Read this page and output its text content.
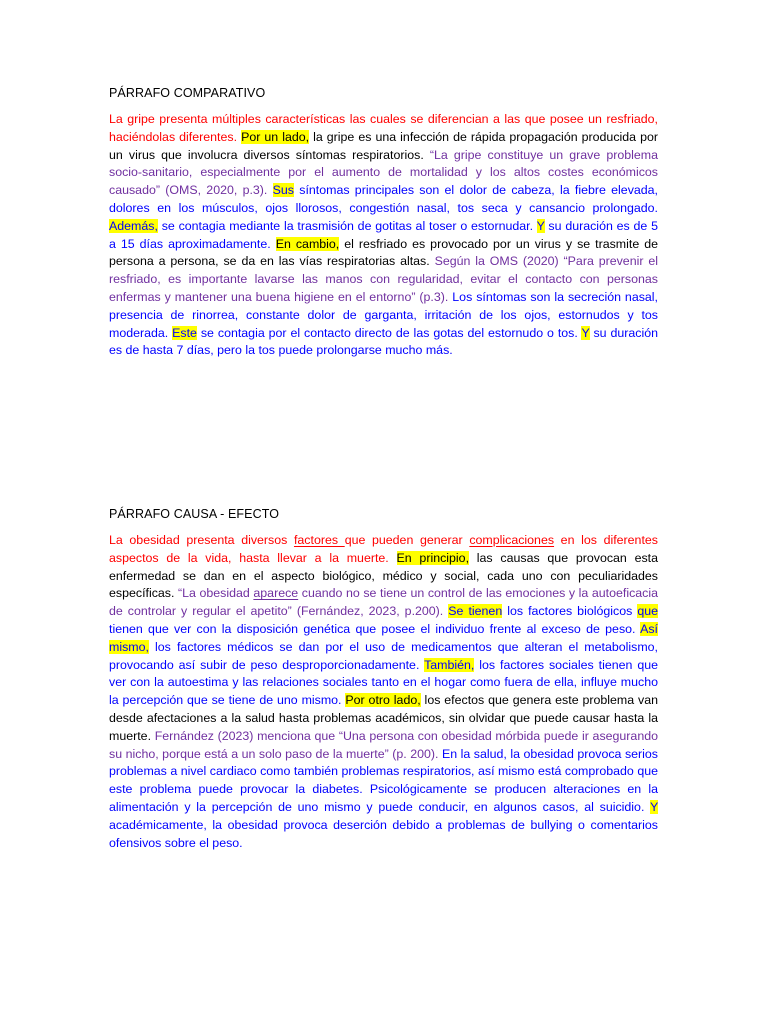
PÁRRAFO COMPARATIVO
La gripe presenta múltiples características las cuales se diferencian a las que posee un resfriado, haciéndolas diferentes. Por un lado, la gripe es una infección de rápida propagación producida por un virus que involucra diversos síntomas respiratorios. “La gripe constituye un grave problema socio-sanitario, especialmente por el aumento de mortalidad y los altos costes económicos causado” (OMS, 2020, p.3). Sus síntomas principales son el dolor de cabeza, la fiebre elevada, dolores en los músculos, ojos llorosos, congestión nasal, tos seca y cansancio prolongado. Además, se contagia mediante la trasmisión de gotitas al toser o estornudar. Y su duración es de 5 a 15 días aproximadamente. En cambio, el resfriado es provocado por un virus y se trasmite de persona a persona, se da en las vías respiratorias altas. Según la OMS (2020) “Para prevenir el resfriado, es importante lavarse las manos con regularidad, evitar el contacto con personas enfermas y mantener una buena higiene en el entorno” (p.3). Los síntomas son la secreción nasal, presencia de rinorrea, constante dolor de garganta, irritación de los ojos, estornudos y tos moderada. Este se contagia por el contacto directo de las gotas del estornudo o tos. Y su duración es de hasta 7 días, pero la tos puede prolongarse mucho más.
PÁRRAFO CAUSA - EFECTO
La obesidad presenta diversos factores que pueden generar complicaciones en los diferentes aspectos de la vida, hasta llevar a la muerte. En principio, las causas que provocan esta enfermedad se dan en el aspecto biológico, médico y social, cada uno con peculiaridades específicas. “La obesidad aparece cuando no se tiene un control de las emociones y la autoeficacia de controlar y regular el apetito” (Fernández, 2023, p.200). Se tienen los factores biológicos que tienen que ver con la disposición genética que posee el individuo frente al exceso de peso. Así mismo, los factores médicos se dan por el uso de medicamentos que alteran el metabolismo, provocando así subir de peso desproporcionadamente. También, los factores sociales tienen que ver con la autoestima y las relaciones sociales tanto en el hogar como fuera de ella, influye mucho la percepción que se tiene de uno mismo. Por otro lado, los efectos que genera este problema van desde afectaciones a la salud hasta problemas académicos, sin olvidar que puede causar hasta la muerte. Fernández (2023) menciona que “Una persona con obesidad mórbida puede ir asegurando su nicho, porque está a un solo paso de la muerte” (p. 200). En la salud, la obesidad provoca serios problemas a nivel cardiaco como también problemas respiratorios, así mismo está comprobado que este problema puede provocar la diabetes. Psicológicamente se producen alteraciones en la alimentación y la percepción de uno mismo y puede conducir, en algunos casos, al suicidio. Y académicamente, la obesidad provoca deserción debido a problemas de bullying o comentarios ofensivos sobre el peso.
